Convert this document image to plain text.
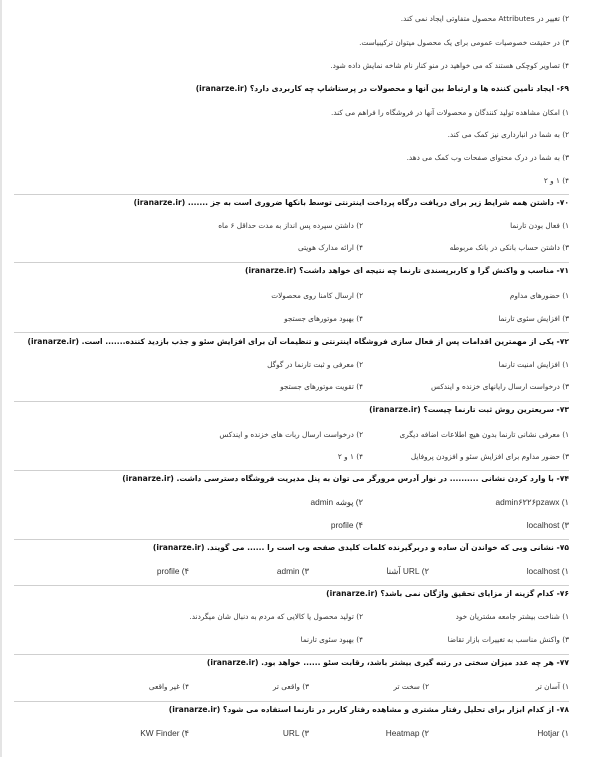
۲) تغییر در Attributes محصول متفاوتی ایجاد نمی کند.
۳) در حقیقت خصوصیات عمومی برای یک محصول میتوان ترکیبیاست.
۴) تصاویر کوچکی هستند که می خواهید در منو کنار نام شاخه نمایش داده شود.
۶۹- ایجاد تأمین کننده ها و ارتباط بین آنها و محصولات در پرستاشاپ چه کاربردی دارد؟ (iranarze.ir)
۱) امکان مشاهده تولید کنندگان و محصولات آنها در فروشگاه را فراهم می کند.
۲) به شما در انبارداری نیز کمک می کند.
۳) به شما در درک محتوای صفحات وب کمک می دهد.
۴) ۱ و ۲
۷۰- داشتن همه شرایط زیر برای دریافت درگاه پرداخت اینترنتی توسط بانکها ضروری است به جز ....... (iranarze.ir)
۱) فعال بودن تارنما
۲) داشتن سپرده پس انداز به مدت حداقل ۶ ماه
۳) داشتن حساب بانکی در بانک مربوطه
۴) ارائه مدارک هویتی
۷۱- مناسب و واکنش گرا و کاربرپسندی تارنما چه نتیجه ای خواهد داشت؟ (iranarze.ir)
۱) حضورهای مداوم
۲) ارسال کامنا روی محصولات
۳) افزایش سئوی تارنما
۴) بهبود موتورهای جستجو
۷۲- یکی از مهمترین اقدامات پس از فعال سازی فروشگاه اینترنتی و تنظیمات آن برای افزایش سئو و جذب بازدید کننده....... است. (iranarze.ir)
۱) افزایش امنیت تارنما
۲) معرفی و ثبت تارنما در گوگل
۳) درخواست ارسال رایانهای خزنده و ایندکس
۴) تقویت موتورهای جستجو
۷۳- سریعترین روش ثبت تارنما چیست؟ (iranarze.ir)
۱) معرفی نشانی تارنما بدون هیچ اطلاعات اضافه دیگری
۲) درخواست ارسال ربات های خزنده و ایندکس
۳) حضور مداوم برای افزایش سئو و افزودن پروفایل
۴) ۱ و ۲
۷۴- با وارد کردن نشانی .......... در نوار آدرس مرورگر می توان به پنل مدیریت فروشگاه دسترسی داشت. (iranarze.ir)
۱) admin۶۲۲۶pzawx
۲) پوشه admin
۳) localhost
۴) profile
۷۵- نشانی وبی که خواندن آن ساده و دربرگیرنده کلمات کلیدی صفحه وب است را ...... می گویند. (iranarze.ir)
۱) localhost
۲) URL آشنا
۳) admin
۴) profile
۷۶- کدام گزینه از مزایای تحقیق واژگان نمی باشد؟ (iranarze.ir)
۱) شناخت بیشتر جامعه مشتریان خود
۲) تولید محصول یا کالایی که مردم به دنبال شان میگردند.
۳) واکنش مناسب به تغییرات بازار تقاضا
۴) بهبود سئوی تارنما
۷۷- هر چه عدد میزان سختی در رتبه گیری بیشتر باشد، رقابت سئو ...... خواهد بود. (iranarze.ir)
۱) آسان تر
۲) سخت تر
۳) واقعی تر
۴) غیر واقعی
۷۸- از کدام ابزار برای تحلیل رفتار مشتری و مشاهده رفتار کاربر در تارنما استفاده می شود؟ (iranarze.ir)
۱) Hotjar
۲) Heatmap
۳) URL
۴) KW Finder
